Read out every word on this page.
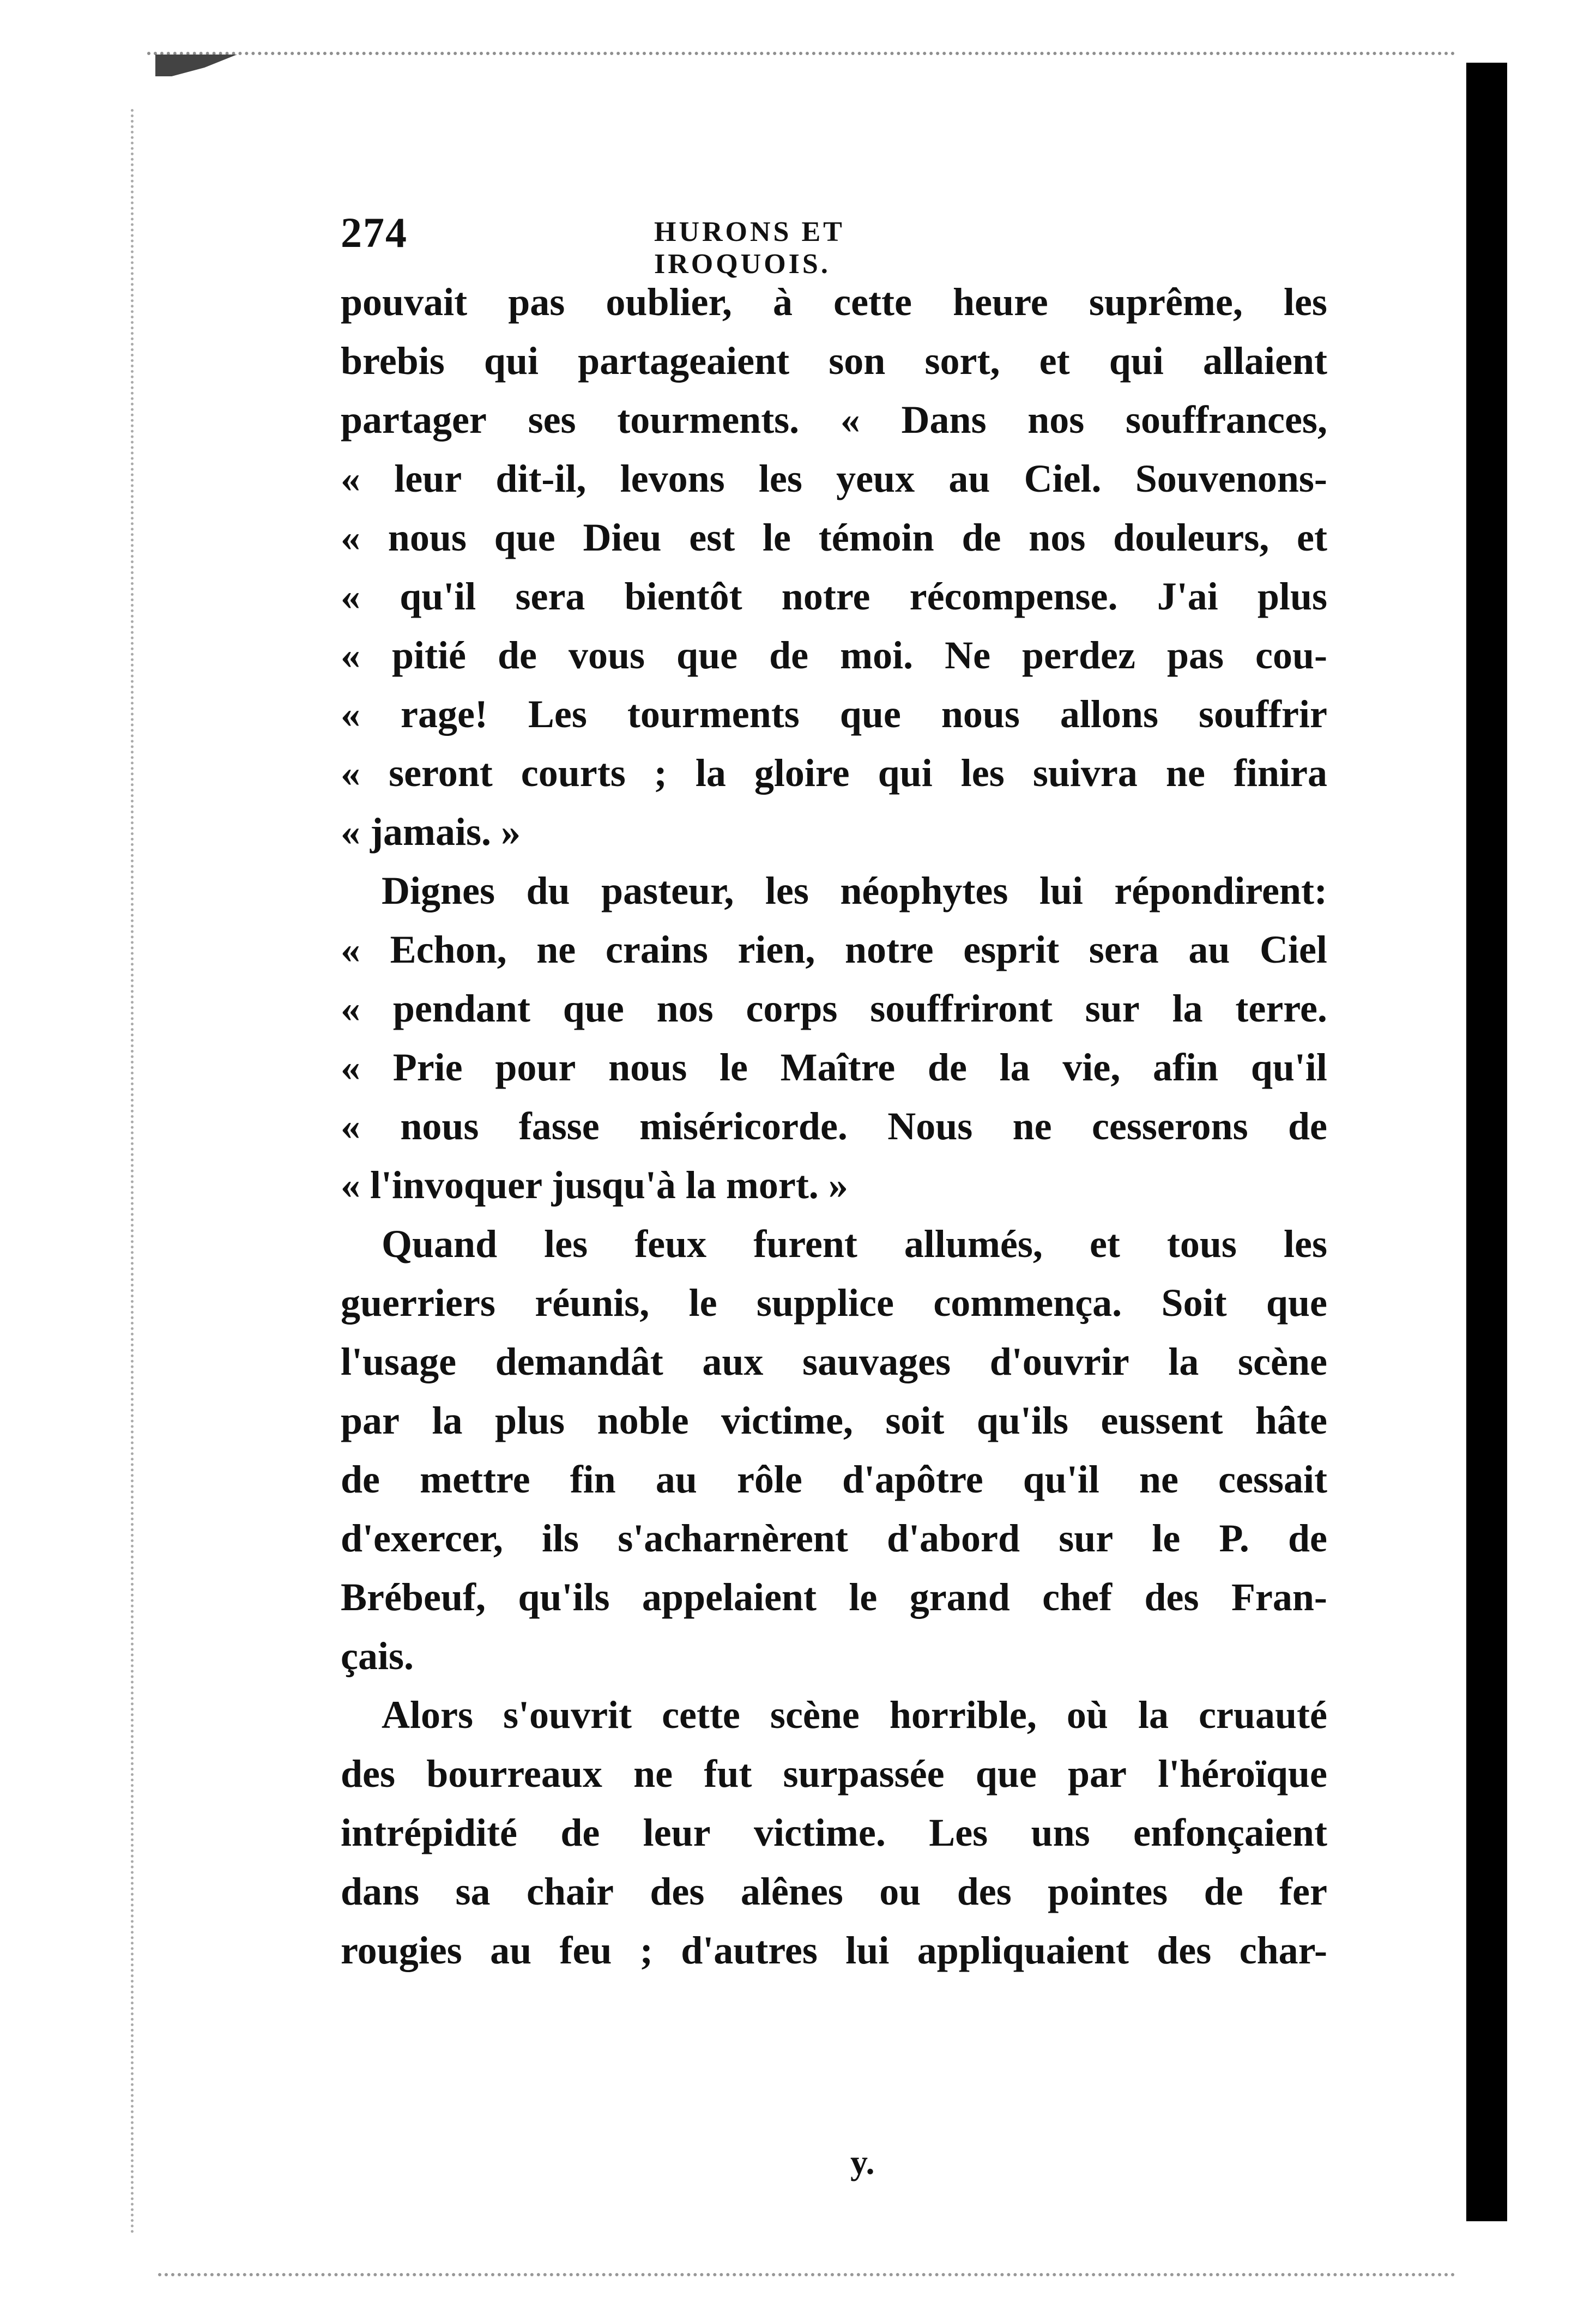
274	HURONS ET IROQUOIS.
pouvait pas oublier, à cette heure suprême, les
brebis qui partageaient son sort, et qui allaient
partager ses tourments. « Dans nos souffrances,
« leur dit-il, levons les yeux au Ciel. Souvenons-
« nous que Dieu est le témoin de nos douleurs, et
« qu'il sera bientôt notre récompense. J'ai plus
« pitié de vous que de moi. Ne perdez pas cou-
« rage! Les tourments que nous allons souffrir
« seront courts ; la gloire qui les suivra ne finira
« jamais. »
Dignes du pasteur, les néophytes lui répondirent:
« Echon, ne crains rien, notre esprit sera au Ciel
« pendant que nos corps souffriront sur la terre.
« Prie pour nous le Maître de la vie, afin qu'il
« nous fasse miséricorde. Nous ne cesserons de
« l'invoquer jusqu'à la mort. »
Quand les feux furent allumés, et tous les
guerriers réunis, le supplice commença. Soit que
l'usage demandât aux sauvages d'ouvrir la scène
par la plus noble victime, soit qu'ils eussent hâte
de mettre fin au rôle d'apôtre qu'il ne cessait
d'exercer, ils s'acharnèrent d'abord sur le P. de
Brébeuf, qu'ils appelaient le grand chef des Fran-
çais.
Alors s'ouvrit cette scène horrible, où la cruauté
des bourreaux ne fut surpassée que par l'héroïque
intrépidité de leur victime. Les uns enfonçaient
dans sa chair des alênes ou des pointes de fer
rougies au feu ; d'autres lui appliquaient des char-
y.
